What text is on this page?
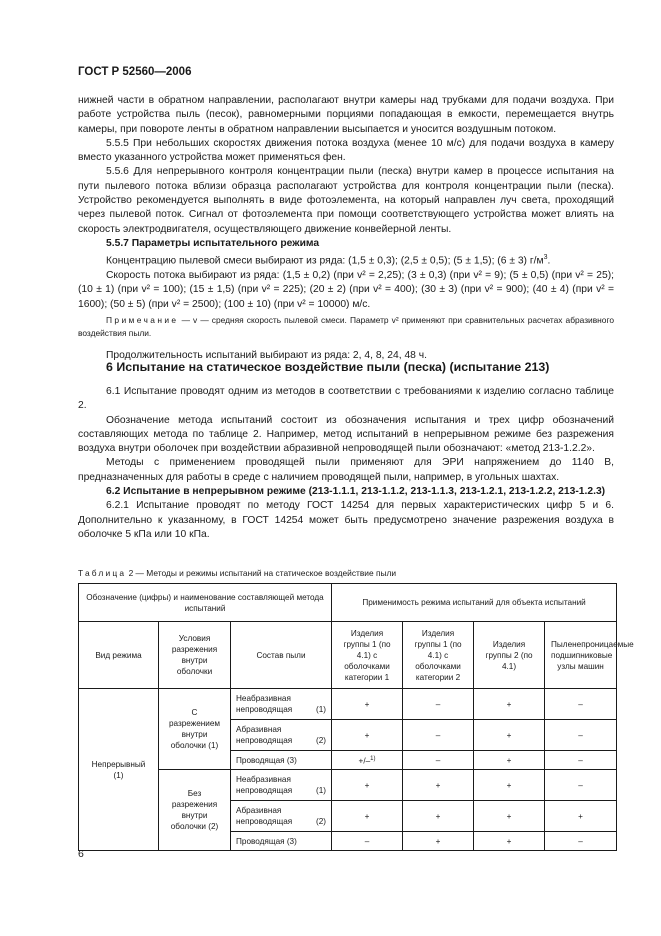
ГОСТ Р 52560—2006

нижней части в обратном направлении, располагают внутри камеры над трубками для подачи воздуха. При работе устройства пыль (песок), равномерными порциями попадающая в емкости, перемещается внутрь камеры, при повороте ленты в обратном направлении высыпается и уносится воздушным потоком.

5.5.5 При небольших скоростях движения потока воздуха (менее 10 м/с) для подачи воздуха в камеру вместо указанного устройства может применяться фен.

5.5.6 Для непрерывного контроля концентрации пыли (песка) внутри камер в процессе испытания на пути пылевого потока вблизи образца располагают устройства для контроля концентрации пыли (песка). Устройство рекомендуется выполнять в виде фотоэлемента, на который направлен луч света, проходящий через пылевой поток. Сигнал от фотоэлемента при помощи соответствующего устройства может влиять на скорость электродвигателя, осуществляющего движение конвейерной ленты.

5.5.7 Параметры испытательного режима

Концентрацию пылевой смеси выбирают из ряда: (1,5 ± 0,3); (2,5 ± 0,5); (5 ± 1,5); (6 ± 3) $г/м^3$.

Скорость потока выбирают из ряда: (1,5 ± 0,2) (при v² = 2,25); (3 ± 0,3) (при v² = 9); (5 ± 0,5) (при v² = 25); (10 ± 1) (при v² = 100); (15 ± 1,5) (при v² = 225); (20 ± 2) (при v² = 400); (30 ± 3) (при v² = 900); (40 ± 4) (при v² = 1600); (50 ± 5) (при v² = 2500); (100 ± 10) (при v² = 10000) м/с.

Примечание — v — средняя скорость пылевой смеси. Параметр v² применяют при сравнительных расчетах абразивного воздействия пыли.

Продолжительность испытаний выбирают из ряда: 2, 4, 8, 24, 48 ч.

6 Испытание на статическое воздействие пыли (песка) (испытание 213)

6.1 Испытание проводят одним из методов в соответствии с требованиями к изделию согласно таблице 2.

Обозначение метода испытаний состоит из обозначения испытания и трех цифр обозначений составляющих метода по таблице 2. Например, метод испытаний в непрерывном режиме без разрежения воздуха внутри оболочек при воздействии абразивной непроводящей пыли обозначают: «метод 213-1.2.2».

Методы с применением проводящей пыли применяют для ЭРИ напряжением до 1140 В, предназначенных для работы в среде с наличием проводящей пыли, например, в угольных шахтах.

6.2 Испытание в непрерывном режиме (213-1.1.1, 213-1.1.2, 213-1.1.3, 213-1.2.1, 213-1.2.2, 213-1.2.3)

6.2.1 Испытание проводят по методу ГОСТ 14254 для первых характеристических цифр 5 и 6. Дополнительно к указанному, в ГОСТ 14254 может быть предусмотрено значение разрежения воздуха в оболочке 5 кПа или 10 кПа.

Таблица 2 — Методы и режимы испытаний на статическое воздействие пыли
Обозначение (цифры) и наименование составляющей метода испытаний			Применимость режима испытаний для объекта испытаний			
Вид режима	Условия разрежения внутри оболочки	Состав пыли	Изделия группы 1 (по 4.1) с оболочками категории 1	Изделия группы 1 (по 4.1) с оболочками категории 2	Изделия группы 2 (по 4.1)	Пыленепроницаемые подшипниковые узлы машин
Непрерывный (1)	С разрежением внутри оболочки (1)	Неабразивная непроводящая (1)	+	–	+	–
		Абразивная непроводящая (2)	+	–	+	–
		Проводящая (3)	+/–$^{1)}$	–	+	–
	Без разрежения внутри оболочки (2)	Неабразивная непроводящая (1)	+	+	+	–
		Абразивная непроводящая (2)	+	+	+	+
		Проводящая (3)	–	+	+	–
6
